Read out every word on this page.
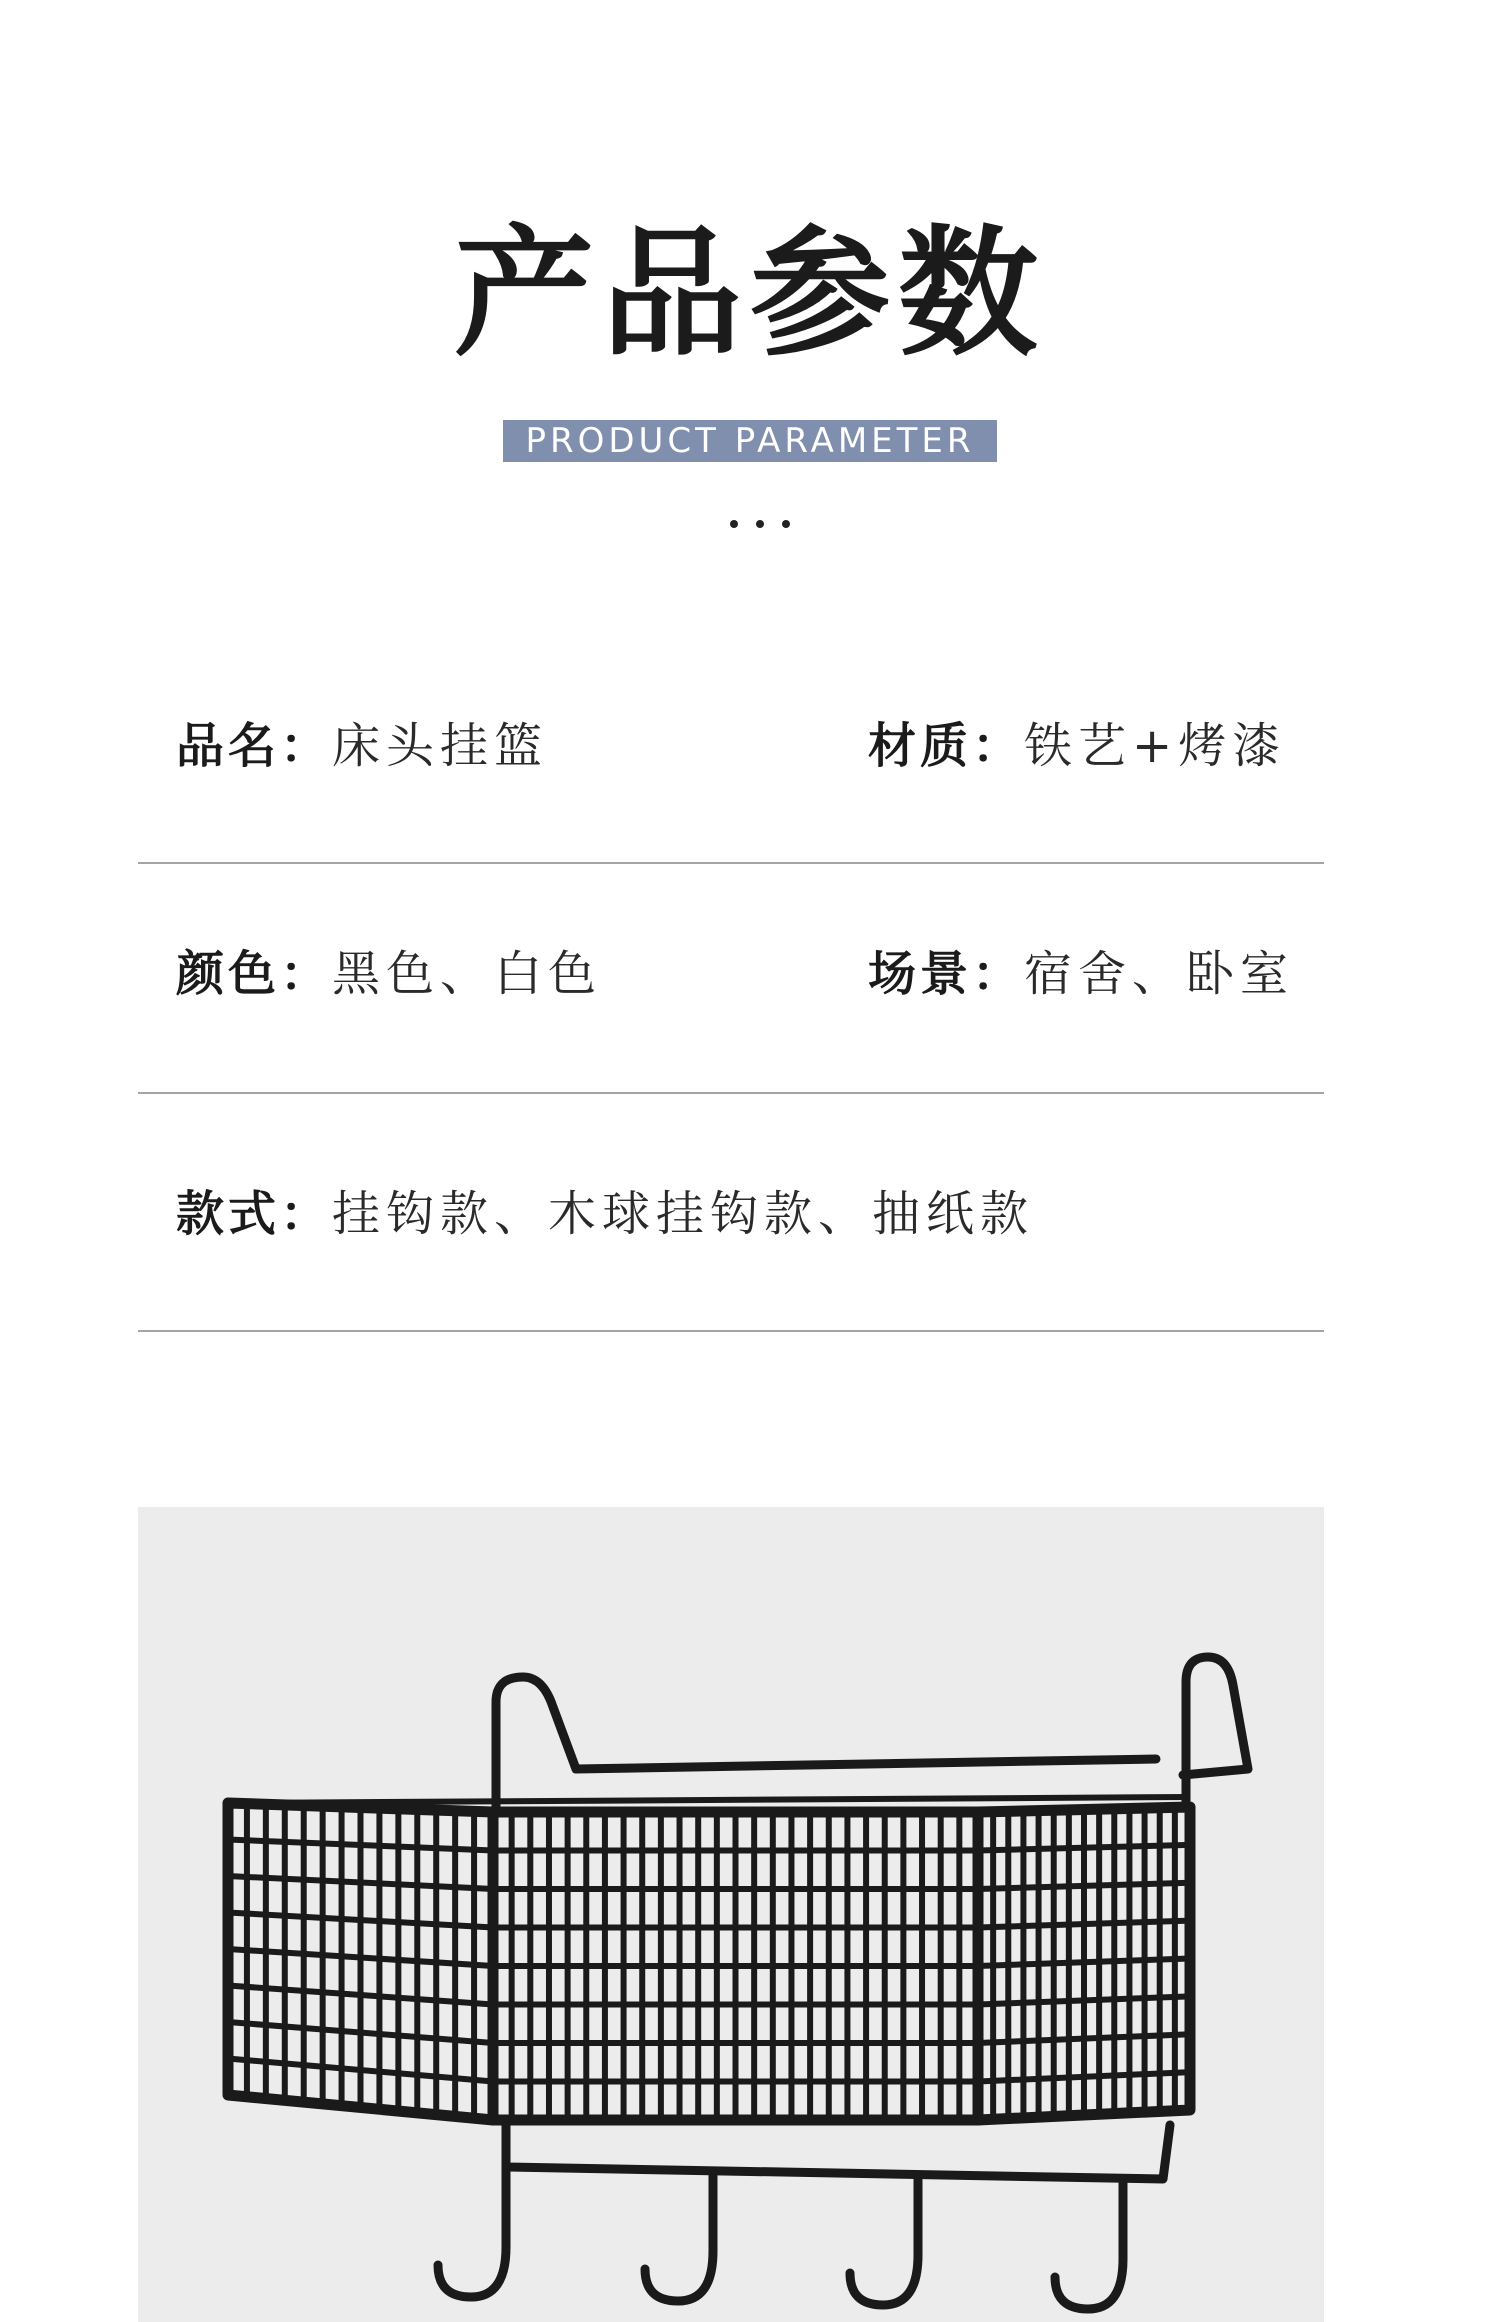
产品参数
PRODUCT PARAMETER
品名：床头挂篮	材质：铁艺+烤漆
颜色：黑色、白色	场景：宿舍、卧室
款式：挂钩款、木球挂钩款、抽纸款
